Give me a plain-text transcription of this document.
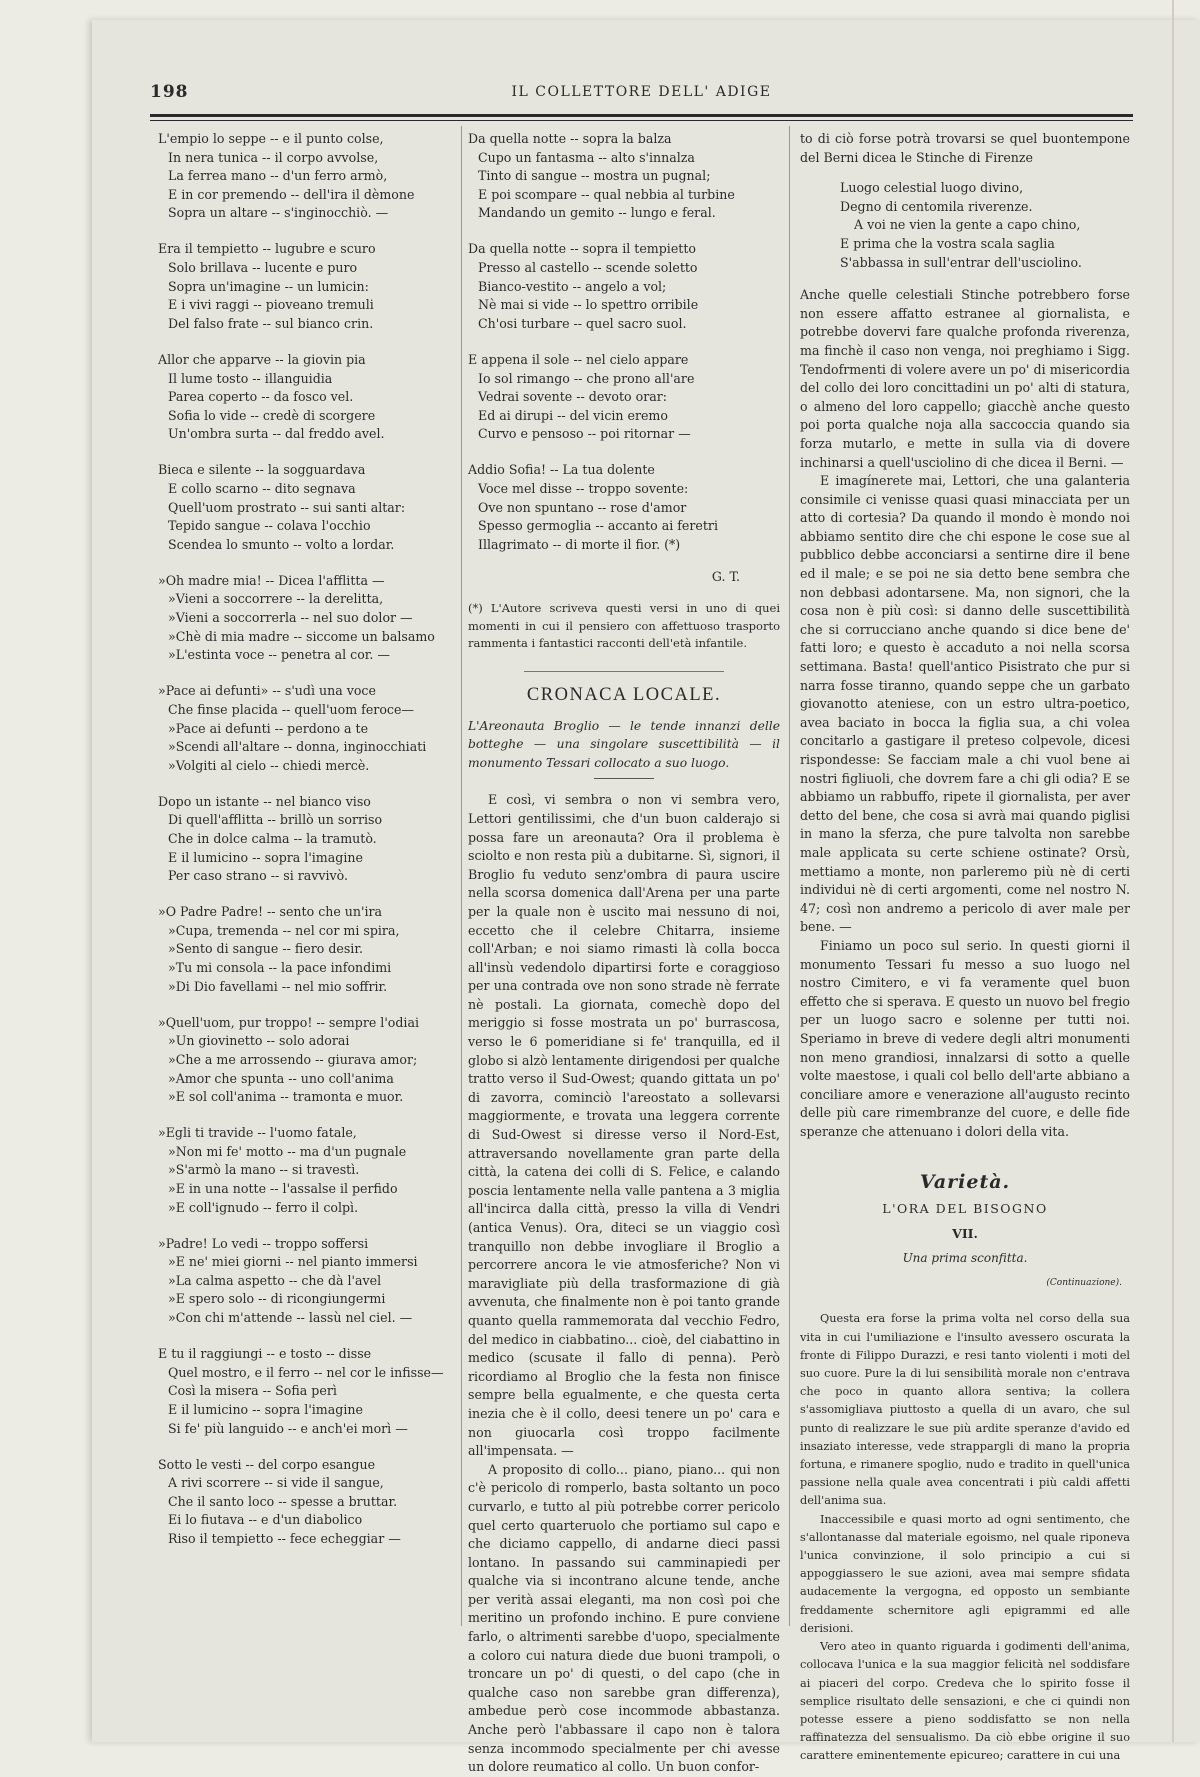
198	IL COLLETTORE DELL' ADIGE
L'empio lo seppe -- e il punto colse,
In nera tunica -- il corpo avvolse,
La ferrea mano -- d'un ferro armò,
E in cor premendo -- dell'ira il dèmone
Sopra un altare -- s'inginocchiò. —
Era il tempietto -- lugubre e scuro
Solo brillava -- lucente e puro
Sopra un'imagine -- un lumicin:
E i vivi raggi -- pioveano tremuli
Del falso frate -- sul bianco crin.
Allor che apparve -- la giovin pia
Il lume tosto -- illanguidia
Parea coperto -- da fosco vel.
Sofia lo vide -- credè di scorgere
Un'ombra surta -- dal freddo avel.
Bieca e silente -- la sogguardava
E collo scarno -- dito segnava
Quell'uom prostrato -- sui santi altar:
Tepido sangue -- colava l'occhio
Scendea lo smunto -- volto a lordar.
»Oh madre mia! -- Dicea l'afflitta —
»Vieni a soccorrere -- la derelitta,
»Vieni a soccorrerla -- nel suo dolor —
»Chè di mia madre -- siccome un balsamo
»L'estinta voce -- penetra al cor. —
»Pace ai defunti» -- s'udì una voce
Che finse placida -- quell'uom feroce—
»Pace ai defunti -- perdono a te
»Scendi all'altare -- donna, inginocchiati
»Volgiti al cielo -- chiedi mercè.
Dopo un istante -- nel bianco viso
Di quell'afflitta -- brillò un sorriso
Che in dolce calma -- la tramutò.
E il lumicino -- sopra l'imagine
Per caso strano -- si ravvivò.
»O Padre Padre! -- sento che un'ira
»Cupa, tremenda -- nel cor mi spira,
»Sento di sangue -- fiero desir.
»Tu mi consola -- la pace infondimi
»Di Dio favellami -- nel mio soffrir.
»Quell'uom, pur troppo! -- sempre l'odiai
»Un giovinetto -- solo adorai
»Che a me arrossendo -- giurava amor;
»Amor che spunta -- uno coll'anima
»E sol coll'anima -- tramonta e muor.
»Egli ti travide -- l'uomo fatale,
»Non mi fe' motto -- ma d'un pugnale
»S'armò la mano -- si travestì.
»E in una notte -- l'assalse il perfido
»E coll'ignudo -- ferro il colpì.
»Padre! Lo vedi -- troppo soffersi
»E ne' miei giorni -- nel pianto immersi
»La calma aspetto -- che dà l'avel
»E spero solo -- di ricongiungermi
»Con chi m'attende -- lassù nel ciel. —
E tu il raggiungi -- e tosto -- disse
Quel mostro, e il ferro -- nel cor le infisse—
Così la misera -- Sofia perì
E il lumicino -- sopra l'imagine
Si fe' più languido -- e anch'ei morì —
Sotto le vesti -- del corpo esangue
A rivi scorrere -- si vide il sangue,
Che il santo loco -- spesse a bruttar.
Ei lo fiutava -- e d'un diabolico
Riso il tempietto -- fece echeggiar —
Da quella notte -- sopra la balza
Cupo un fantasma -- alto s'innalza
Tinto di sangue -- mostra un pugnal;
E poi scompare -- qual nebbia al turbine
Mandando un gemito -- lungo e feral.
Da quella notte -- sopra il tempietto
Presso al castello -- scende soletto
Bianco-vestito -- angelo a vol;
Nè mai si vide -- lo spettro orribile
Ch'osi turbare -- quel sacro suol.
E appena il sole -- nel cielo appare
Io sol rimango -- che prono all'are
Vedrai sovente -- devoto orar:
Ed ai dirupi -- del vicin eremo
Curvo e pensoso -- poi ritornar —
Addio Sofia! -- La tua dolente
Voce mel disse -- troppo sovente:
Ove non spuntano -- rose d'amor
Spesso germoglia -- accanto ai feretri
Illagrimato -- di morte il fior. (*)
G. T.
(*) L'Autore scriveva questi versi in uno di quei momenti in cui il pensiero con affettuoso trasporto rammenta i fantastici racconti dell'età infantile.
CRONACA LOCALE.
L'Areonauta Broglio — le tende innanzi delle botteghe — una singolare suscettibilità — il monumento Tessari collocato a suo luogo.

E così, vi sembra o non vi sembra vero, Lettori gentilissimi, che d'un buon calderajo si possa fare un areonauta? Ora il problema è sciolto e non resta più a dubitarne. Sì, signori, il Broglio fu veduto senz'ombra di paura uscire nella scorsa domenica dall'Arena per una parte per la quale non è uscito mai nessuno di noi, eccetto che il celebre Chitarra, insieme coll'Arban; e noi siamo rimasti là colla bocca all'insù vedendolo dipartirsi forte e coraggioso per una contrada ove non sono strade nè ferrate nè postali. La giornata, comechè dopo del meriggio si fosse mostrata un po' burrascosa, verso le 6 pomeridiane si fe' tranquilla, ed il globo si alzò lentamente dirigendosi per qualche tratto verso il Sud-Owest; quando gittata un po' di zavorra, cominciò l'areostato a sollevarsi maggiormente, e trovata una leggera corrente di Sud-Owest si diresse verso il Nord-Est, attraversando novellamente gran parte della città, la catena dei colli di S. Felice, e calando poscia lentamente nella valle pantena a 3 miglia all'incirca dalla città, presso la villa di Vendri (antica Venus). Ora, diteci se un viaggio così tranquillo non debbe invogliare il Broglio a percorrere ancora le vie atmosferiche? Non vi maravigliate più della trasformazione di già avvenuta, che finalmente non è poi tanto grande quanto quella rammemorata dal vecchio Fedro, del medico in ciabbatino... cioè, del ciabattino in medico (scusate il fallo di penna). Però ricordiamo al Broglio che la festa non finisce sempre bella egualmente, e che questa certa inezia che è il collo, deesi tenere un po' cara e non giuocarla così troppo facilmente all'impensata. —

A proposito di collo... piano, piano... qui non c'è pericolo di romperlo, basta soltanto un poco curvarlo, e tutto al più potrebbe correr pericolo quel certo quarteruolo che portiamo sul capo e che diciamo cappello, di andarne dieci passi lontano. In passando sui camminapiedi per qualche via si incontrano alcune tende, anche per verità assai eleganti, ma non così poi che meritino un profondo inchino. E pure conviene farlo, o altrimenti sarebbe d'uopo, specialmente a coloro cui natura diede due buoni trampoli, o troncare un po' di questi, o del capo (che in qualche caso non sarebbe gran differenza), ambedue però cose incommode abbastanza. Anche però l'abbassare il capo non è talora senza incommodo specialmente per chi avesse un dolore reumatico al collo. Un buon confor-

to di ciò forse potrà trovarsi se quel buontempone del Berni dicea le Stinche di Firenze

Luogo celestial luogo divino,
Degno di centomila riverenze.
A voi ne vien la gente a capo chino,
E prima che la vostra scala saglia
S'abbassa in sull'entrar dell'usciolino.

Anche quelle celestiali Stinche potrebbero forse non essere affatto estranee al giornalista, e potrebbe dovervi fare qualche profonda riverenza, ma finchè il caso non venga, noi preghiamo i Sigg. Tendofrmenti di volere avere un po' di misericordia del collo dei loro concittadini un po' alti di statura, o almeno del loro cappello; giacchè anche questo poi porta qualche noja alla saccoccia quando sia forza mutarlo, e mette in sulla via di dovere inchinarsi a quell'usciolino di che dicea il Berni. —

E imagínerete mai, Lettori, che una galanteria consimile ci venisse quasi quasi minacciata per un atto di cortesia? Da quando il mondo è mondo noi abbiamo sentito dire che chi espone le cose sue al pubblico debbe acconciarsi a sentirne dire il bene ed il male; e se poi ne sia detto bene sembra che non debbasi adontarsene. Ma, non signori, che la cosa non è più così: si danno delle suscettibilità che si corrucciano anche quando si dice bene de' fatti loro; e questo è accaduto a noi nella scorsa settimana. Basta! quell'antico Pisistrato che pur si narra fosse tiranno, quando seppe che un garbato giovanotto ateniese, con un estro ultra-poetico, avea baciato in bocca la figlia sua, a chi volea concitarlo a gastigare il preteso colpevole, dicesi rispondesse: Se facciam male a chi vuol bene ai nostri figliuoli, che dovrem fare a chi gli odia? E se abbiamo un rabbuffo, ripete il giornalista, per aver detto del bene, che cosa si avrà mai quando piglisi in mano la sferza, che pure talvolta non sarebbe male applicata su certe schiene ostinate? Orsù, mettiamo a monte, non parleremo più nè di certi individui nè di certi argomenti, come nel nostro N. 47; così non andremo a pericolo di aver male per bene. —

Finiamo un poco sul serio. In questi giorni il monumento Tessari fu messo a suo luogo nel nostro Cimitero, e vi fa veramente quel buon effetto che si sperava. E questo un nuovo bel fregio per un luogo sacro e solenne per tutti noi. Speriamo in breve di vedere degli altri monumenti non meno grandiosi, innalzarsi di sotto a quelle volte maestose, i quali col bello dell'arte abbiano a conciliare amore e venerazione all'augusto recinto delle più care rimembranze del cuore, e delle fide speranze che attenuano i dolori della vita.

Varietà.
L'ORA DEL BISOGNO
VII.
Una prima sconfitta.
(Continuazione).

Questa era forse la prima volta nel corso della sua vita in cui l'umiliazione e l'insulto avessero oscurata la fronte di Filippo Durazzi, e resi tanto violenti i moti del suo cuore. Pure la di lui sensibilità morale non c'entrava che poco in quanto allora sentiva; la collera s'assomigliava piuttosto a quella di un avaro, che sul punto di realizzare le sue più ardite speranze d'avido ed insaziato interesse, vede strappargli di mano la propria fortuna, e rimanere spoglio, nudo e tradito in quell'unica passione nella quale avea concentrati i più caldi affetti dell'anima sua.

Inaccessibile e quasi morto ad ogni sentimento, che s'allontanasse dal materiale egoismo, nel quale riponeva l'unica convinzione, il solo principio a cui si appoggiassero le sue azioni, avea mai sempre sfidata audacemente la vergogna, ed opposto un sembiante freddamente schernitore agli epigrammi ed alle derisioni.

Vero ateo in quanto riguarda i godimenti dell'anima, collocava l'unica e la sua maggior felicità nel soddisfare ai piaceri del corpo. Credeva che lo spirito fosse il semplice risultato delle sensazioni, e che ci quindi non potesse essere a pieno soddisfatto se non nella raffinatezza del sensualismo. Da ciò ebbe origine il suo carattere eminentemente epicureo; carattere in cui una
